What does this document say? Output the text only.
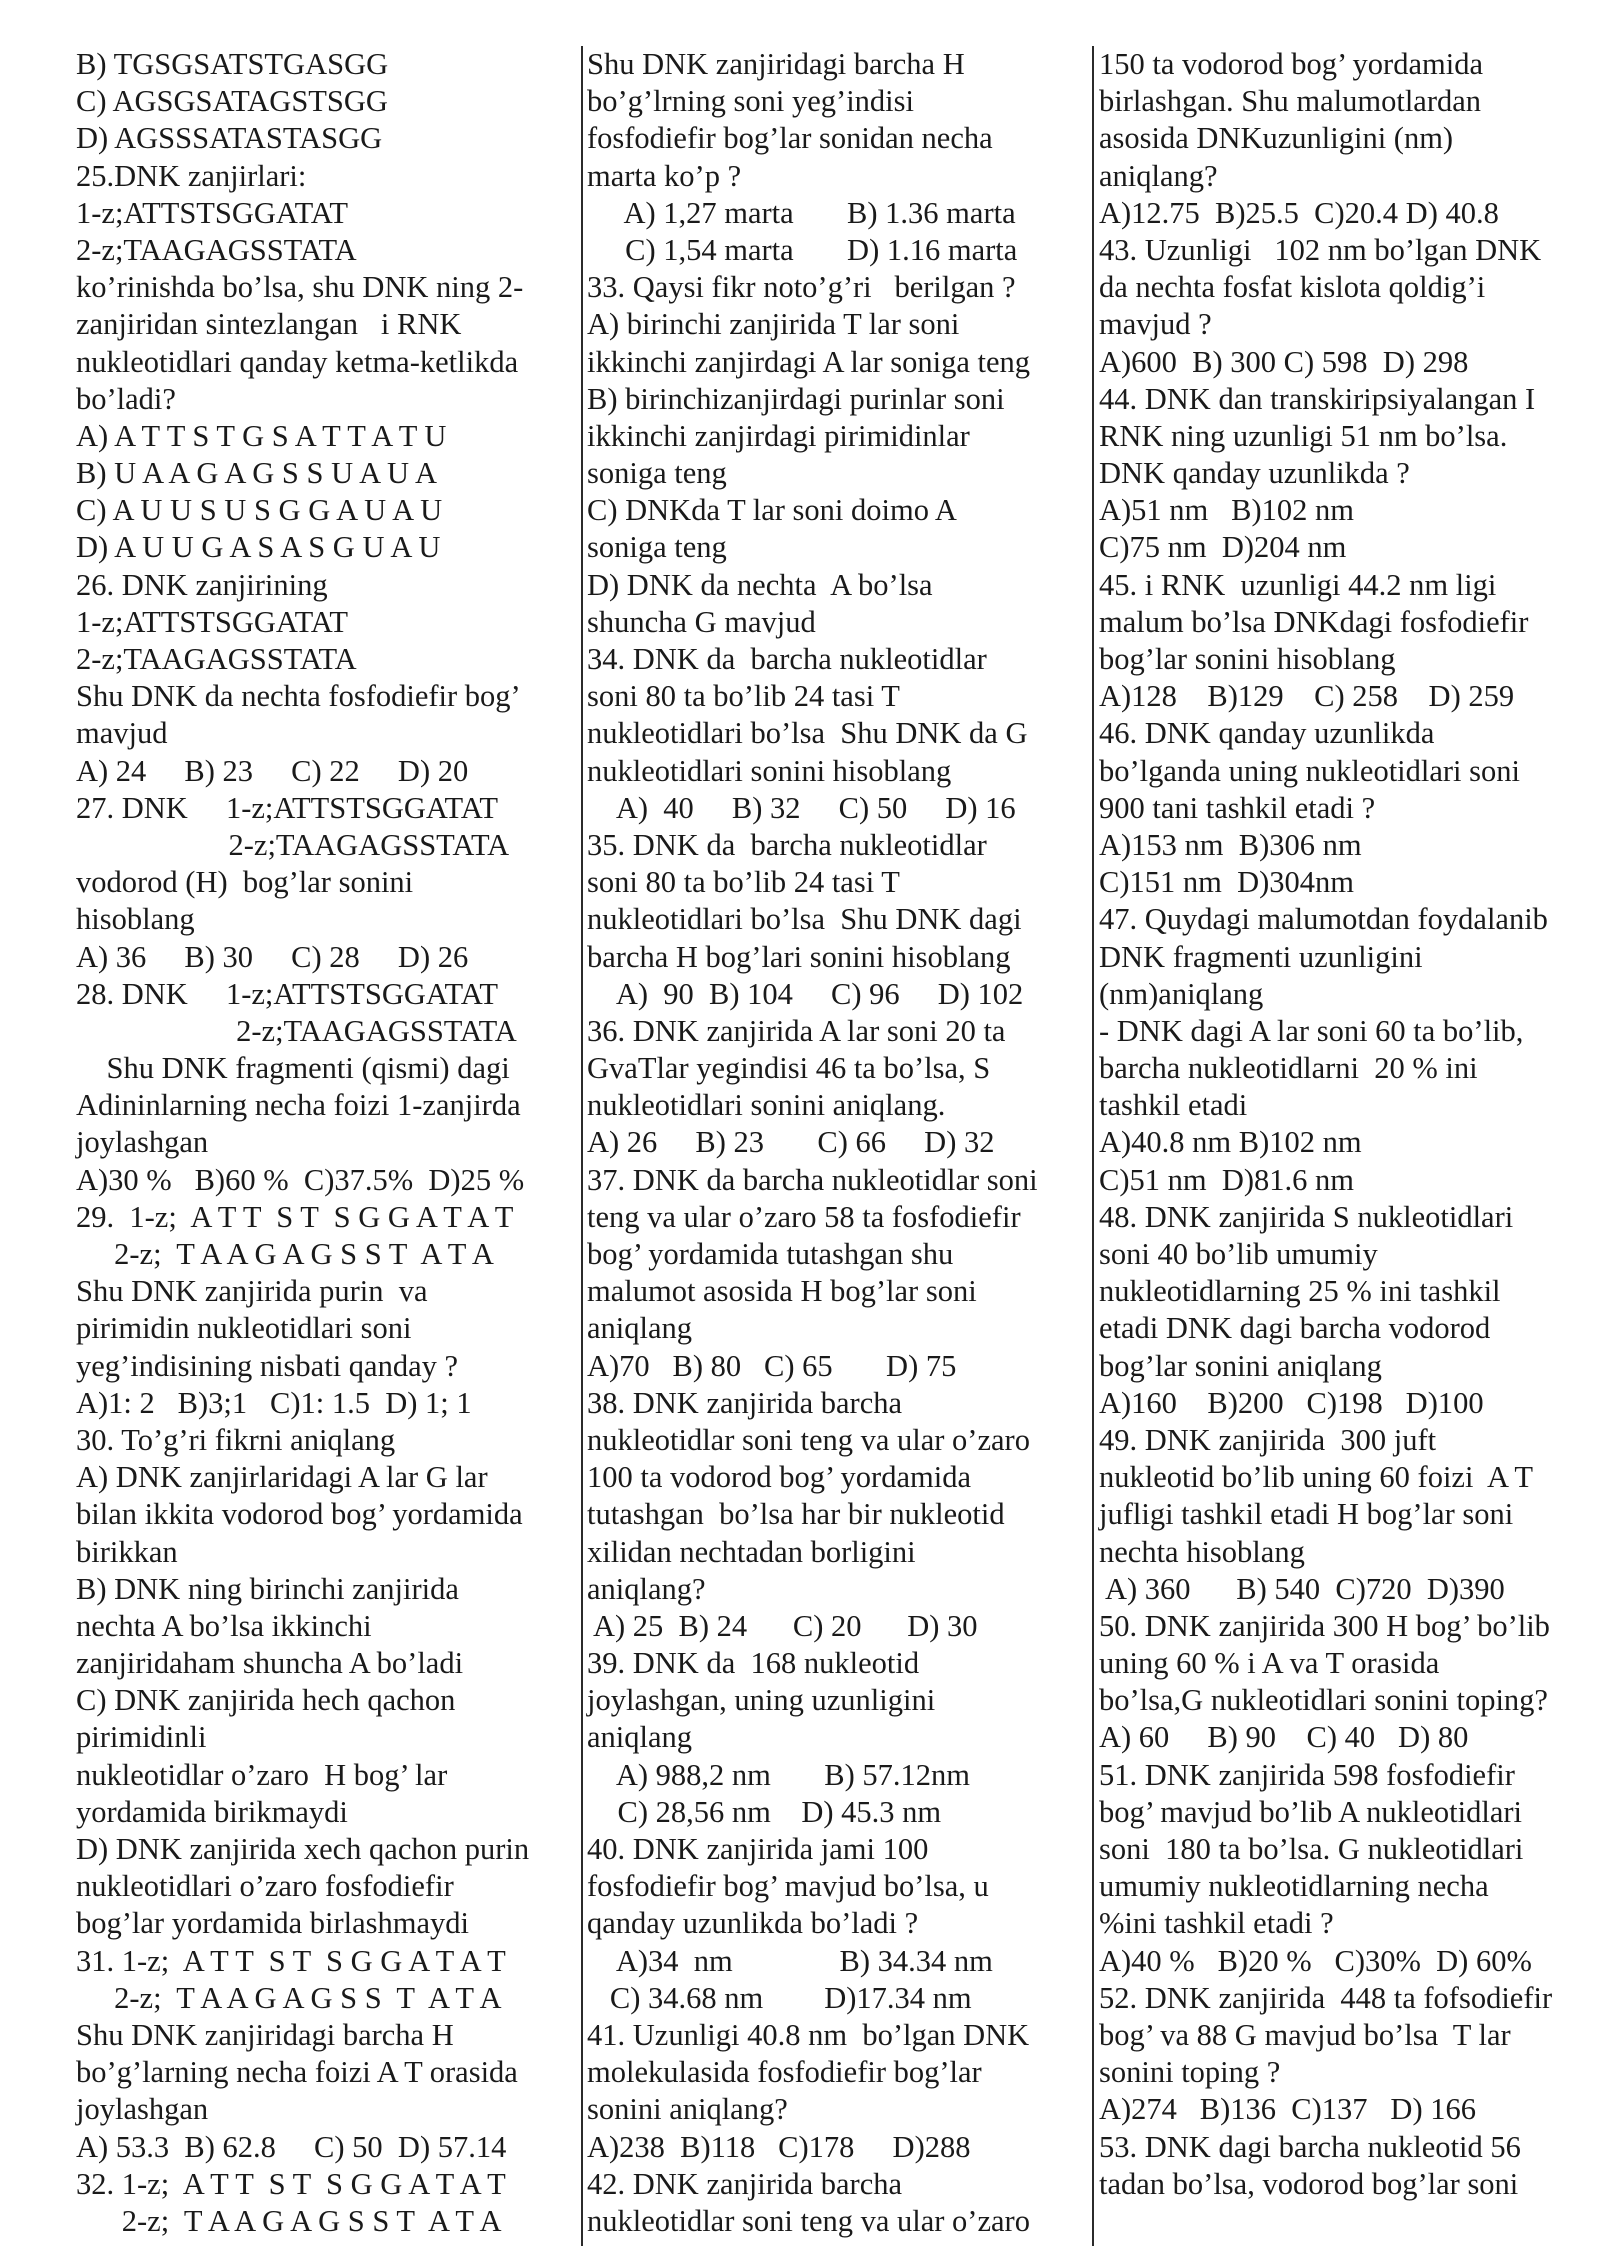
B) TGSGSATSTGASGG
C) AGSGSATAGSTSGG
D) AGSSSATASTASGG
25.DNK zanjirlari:
1-z;ATTSTSGGATAT
2-z;TAAGAGSSTATA
ko’rinishda bo’lsa, shu DNK ning 2-
zanjiridan sintezlangan   i RNK
nukleotidlari qanday ketma-ketlikda
bo’ladi?
A) A T T S T G S A T T A T U
B) U A A G A G S S U A U A
C) A U U S U S G G A U A U
D) A U U G A S A S G U A U
26. DNK zanjirining
1-z;ATTSTSGGATAT
2-z;TAAGAGSSTATA
Shu DNK da nechta fosfodiefir bog’
mavjud
A) 24     B) 23     C) 22     D) 20
27. DNK     1-z;ATTSTSGGATAT
2-z;TAAGAGSSTATA
vodorod (H)  bog’lar sonini
hisoblang
A) 36     B) 30     C) 28     D) 26
28. DNK     1-z;ATTSTSGGATAT
2-z;TAAGAGSSTATA
Shu DNK fragmenti (qismi) dagi
Adininlarning necha foizi 1-zanjirda
joylashgan
A)30 %   B)60 %  C)37.5%  D)25 %
29.  1-z;  A T T  S T  S G G A T A T
2-z;  T A A G A G S S T  A T A
Shu DNK zanjirida purin  va
pirimidin nukleotidlari soni
yeg’indisining nisbati qanday ?
A)1: 2   B)3;1   C)1: 1.5  D) 1; 1
30. To’g’ri fikrni aniqlang
A) DNK zanjirlaridagi A lar G lar
bilan ikkita vodorod bog’ yordamida
birikkan
B) DNK ning birinchi zanjirida
nechta A bo’lsa ikkinchi
zanjiridaham shuncha A bo’ladi
C) DNK zanjirida hech qachon
pirimidinli
nukleotidlar o’zaro  H bog’ lar
yordamida birikmaydi
D) DNK zanjirida xech qachon purin
nukleotidlari o’zaro fosfodiefir
bog’lar yordamida birlashmaydi
31. 1-z;  A T T  S T  S G G A T A T
2-z;  T A A G A G S S  T  A T A
Shu DNK zanjiridagi barcha H
bo’g’larning necha foizi A T orasida
joylashgan
A) 53.3  B) 62.8     C) 50  D) 57.14
32. 1-z;  A T T  S T  S G G A T A T
2-z;  T A A G A G S S T  A T A
Shu DNK zanjiridagi barcha H
bo’g’lrning soni yeg’indisi
fosfodiefir bog’lar sonidan necha
marta ko’p ?
A) 1,27 marta       B) 1.36 marta
C) 1,54 marta       D) 1.16 marta
33. Qaysi fikr noto’g’ri   berilgan ?
A) birinchi zanjirida T lar soni
ikkinchi zanjirdagi A lar soniga teng
B) birinchizanjirdagi purinlar soni
ikkinchi zanjirdagi pirimidinlar
soniga teng
C) DNKda T lar soni doimo A
soniga teng
D) DNK da nechta  A bo’lsa
shuncha G mavjud
34. DNK da  barcha nukleotidlar
soni 80 ta bo’lib 24 tasi T
nukleotidlari bo’lsa  Shu DNK da G
nukleotidlari sonini hisoblang
A)  40     B) 32     C) 50     D) 16
35. DNK da  barcha nukleotidlar
soni 80 ta bo’lib 24 tasi T
nukleotidlari bo’lsa  Shu DNK dagi
barcha H bog’lari sonini hisoblang
A)  90  B) 104     C) 96     D) 102
36. DNK zanjirida A lar soni 20 ta
GvaTlar yegindisi 46 ta bo’lsa, S
nukleotidlari sonini aniqlang.
A) 26     B) 23       C) 66     D) 32
37. DNK da barcha nukleotidlar soni
teng va ular o’zaro 58 ta fosfodiefir
bog’ yordamida tutashgan shu
malumot asosida H bog’lar soni
aniqlang
A)70   B) 80   C) 65       D) 75
38. DNK zanjirida barcha
nukleotidlar soni teng va ular o’zaro
100 ta vodorod bog’ yordamida
tutashgan  bo’lsa har bir nukleotid
xilidan nechtadan borligini
aniqlang?
A) 25  B) 24      C) 20      D) 30
39. DNK da  168 nukleotid
joylashgan, uning uzunligini
aniqlang
A) 988,2 nm       B) 57.12nm
C) 28,56 nm    D) 45.3 nm
40. DNK zanjirida jami 100
fosfodiefir bog’ mavjud bo’lsa, u
qanday uzunlikda bo’ladi ?
A)34  nm              B) 34.34 nm
C) 34.68 nm        D)17.34 nm
41. Uzunligi 40.8 nm  bo’lgan DNK
molekulasida fosfodiefir bog’lar
sonini aniqlang?
A)238  B)118   C)178     D)288
42. DNK zanjirida barcha
nukleotidlar soni teng va ular o’zaro
150 ta vodorod bog’ yordamida
birlashgan. Shu malumotlardan
asosida DNKuzunligini (nm)
aniqlang?
A)12.75  B)25.5  C)20.4 D) 40.8
43. Uzunligi   102 nm bo’lgan DNK
da nechta fosfat kislota qoldig’i
mavjud ?
A)600  B) 300 C) 598  D) 298
44. DNK dan transkiripsiyalangan I
RNK ning uzunligi 51 nm bo’lsa.
DNK qanday uzunlikda ?
A)51 nm   B)102 nm
C)75 nm  D)204 nm
45. i RNK  uzunligi 44.2 nm ligi
malum bo’lsa DNKdagi fosfodiefir
bog’lar sonini hisoblang
A)128    B)129    C) 258    D) 259
46. DNK qanday uzunlikda
bo’lganda uning nukleotidlari soni
900 tani tashkil etadi ?
A)153 nm  B)306 nm
C)151 nm  D)304nm
47. Quydagi malumotdan foydalanib
DNK fragmenti uzunligini
(nm)aniqlang
- DNK dagi A lar soni 60 ta bo’lib,
barcha nukleotidlarni  20 % ini
tashkil etadi
A)40.8 nm B)102 nm
C)51 nm  D)81.6 nm
48. DNK zanjirida S nukleotidlari
soni 40 bo’lib umumiy
nukleotidlarning 25 % ini tashkil
etadi DNK dagi barcha vodorod
bog’lar sonini aniqlang
A)160    B)200   C)198   D)100
49. DNK zanjirida  300 juft
nukleotid bo’lib uning 60 foizi  A T
jufligi tashkil etadi H bog’lar soni
nechta hisoblang
A) 360      B) 540  C)720  D)390
50. DNK zanjirida 300 H bog’ bo’lib
uning 60 % i A va T orasida
bo’lsa,G nukleotidlari sonini toping?
A) 60     B) 90    C) 40   D) 80
51. DNK zanjirida 598 fosfodiefir
bog’ mavjud bo’lib A nukleotidlari
soni  180 ta bo’lsa. G nukleotidlari
umumiy nukleotidlarning necha
%ini tashkil etadi ?
A)40 %   B)20 %   C)30%  D) 60%
52. DNK zanjirida  448 ta fofsodiefir
bog’ va 88 G mavjud bo’lsa  T lar
sonini toping ?
A)274   B)136  C)137   D) 166
53. DNK dagi barcha nukleotid 56
tadan bo’lsa, vodorod bog’lar soni
